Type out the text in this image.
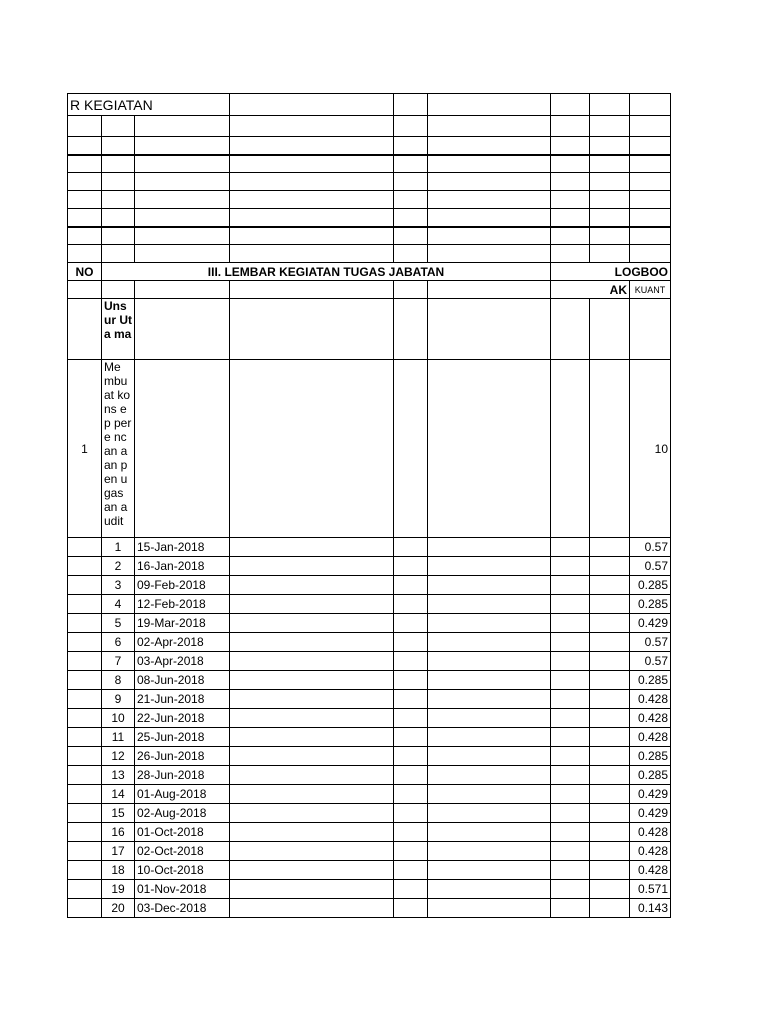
R KEGIATAN								

NO	III. LEMBAR KEGIATAN TUGAS JABATAN					LOGBOO		
						AK		KUANT
	Uns ur Uta ma							
1	Me mbu at kons ep pere ncan aan pen ugas an audit							10
	1	15-Jan-2018						0.57
	2	16-Jan-2018						0.57
	3	09-Feb-2018						0.285
	4	12-Feb-2018						0.285
	5	19-Mar-2018						0.429
	6	02-Apr-2018						0.57
	7	03-Apr-2018						0.57
	8	08-Jun-2018						0.285
	9	21-Jun-2018						0.428
	10	22-Jun-2018						0.428
	11	25-Jun-2018						0.428
	12	26-Jun-2018						0.285
	13	28-Jun-2018						0.285
	14	01-Aug-2018						0.429
	15	02-Aug-2018						0.429
	16	01-Oct-2018						0.428
	17	02-Oct-2018						0.428
	18	10-Oct-2018						0.428
	19	01-Nov-2018						0.571
	20	03-Dec-2018						0.143
